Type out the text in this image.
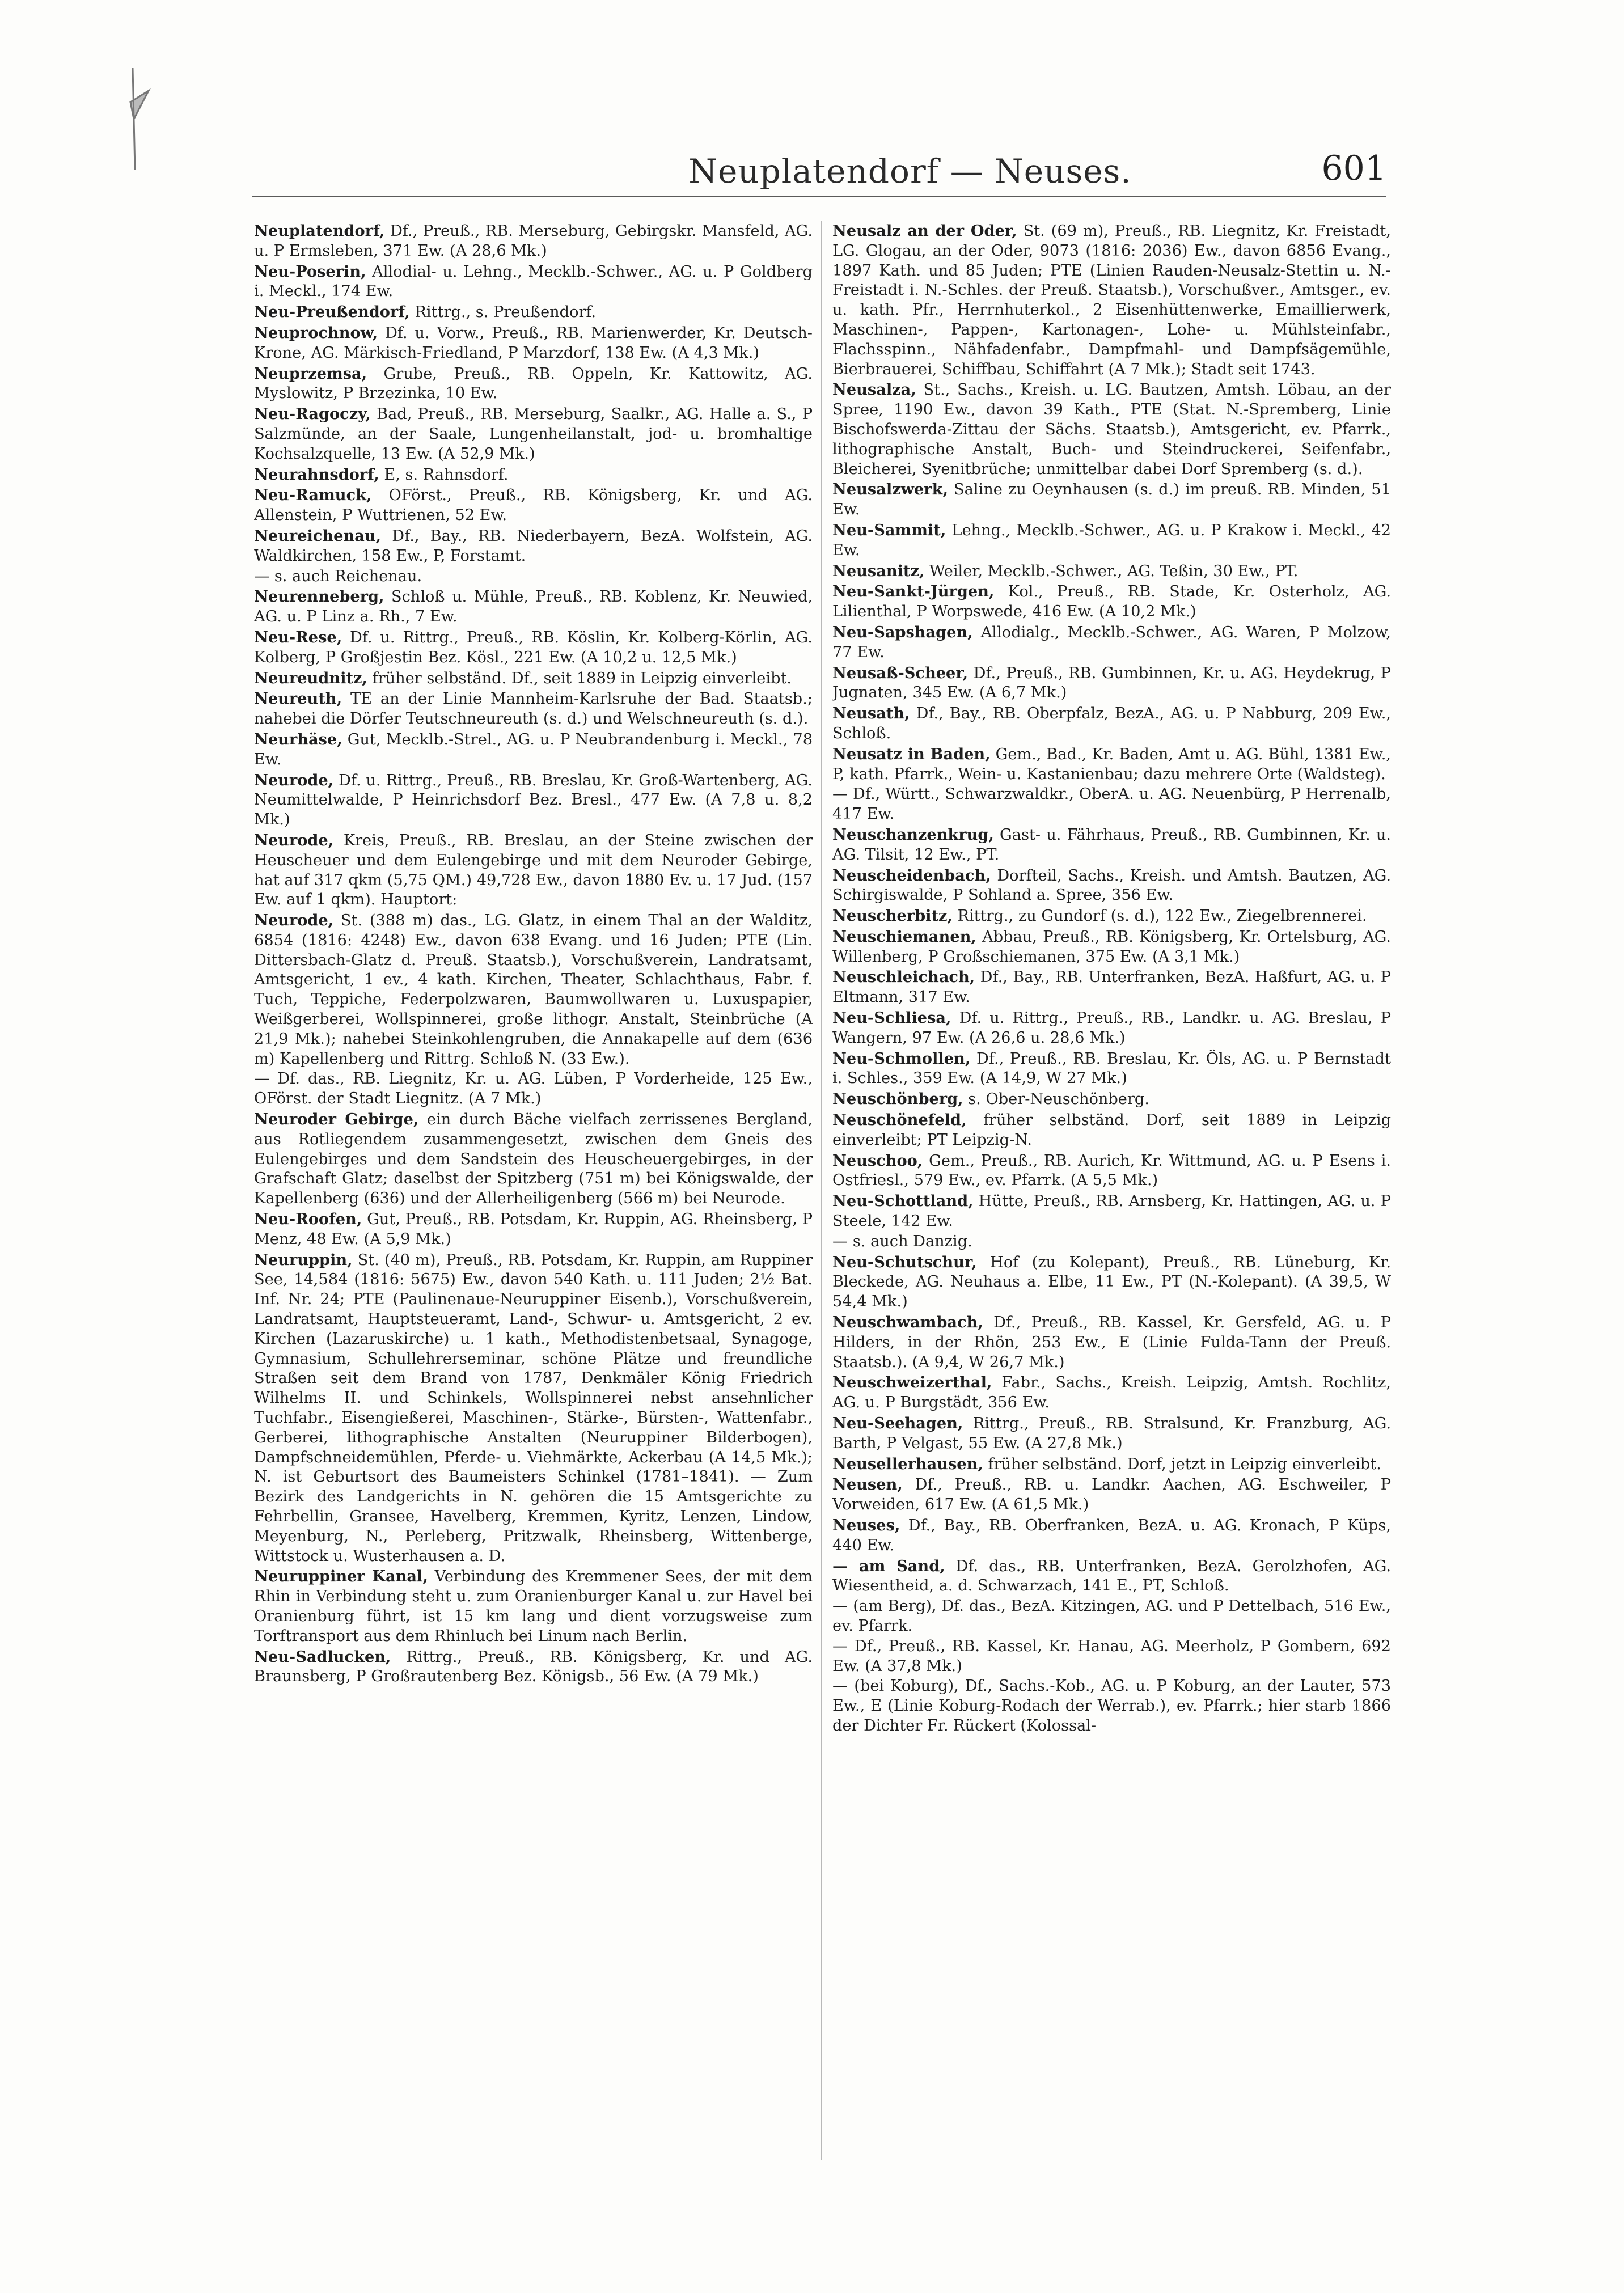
Neuplatendorf — Neuses.	601

Neuplatendorf, Df., Preuß., RB. Merseburg, Gebirgskr. Mansfeld, AG. u. P Ermsleben, 371 Ew. (A 28,6 Mk.)

Neu-Poserin, Allodial- u. Lehng., Mecklb.-Schwer., AG. u. P Goldberg i. Meckl., 174 Ew.

Neu-Preußendorf, Rittrg., s. Preußendorf.

Neuprochnow, Df. u. Vorw., Preuß., RB. Marienwerder, Kr. Deutsch-Krone, AG. Märkisch-Friedland, P Marzdorf, 138 Ew. (A 4,3 Mk.)

Neuprzemsa, Grube, Preuß., RB. Oppeln, Kr. Kattowitz, AG. Myslowitz, P Brzezinka, 10 Ew.

Neu-Ragoczy, Bad, Preuß., RB. Merseburg, Saalkr., AG. Halle a. S., P Salzmünde, an der Saale, Lungenheilanstalt, jod- u. bromhaltige Kochsalzquelle, 13 Ew. (A 52,9 Mk.)

Neurahnsdorf, E, s. Rahnsdorf.

Neu-Ramuck, OFörst., Preuß., RB. Königsberg, Kr. und AG. Allenstein, P Wuttrienen, 52 Ew.

Neureichenau, Df., Bay., RB. Niederbayern, BezA. Wolfstein, AG. Waldkirchen, 158 Ew., P, Forstamt.

— s. auch Reichenau.

Neurenneberg, Schloß u. Mühle, Preuß., RB. Koblenz, Kr. Neuwied, AG. u. P Linz a. Rh., 7 Ew.

Neu-Rese, Df. u. Rittrg., Preuß., RB. Köslin, Kr. Kolberg-Körlin, AG. Kolberg, P Großjestin Bez. Kösl., 221 Ew. (A 10,2 u. 12,5 Mk.)

Neureudnitz, früher selbständ. Df., seit 1889 in Leipzig einverleibt.

Neureuth, TE an der Linie Mannheim-Karlsruhe der Bad. Staatsb.; nahebei die Dörfer Teutschneureuth (s. d.) und Welschneureuth (s. d.).

Neurhäse, Gut, Mecklb.-Strel., AG. u. P Neubrandenburg i. Meckl., 78 Ew.

Neurode, Df. u. Rittrg., Preuß., RB. Breslau, Kr. Groß-Wartenberg, AG. Neumittelwalde, P Heinrichsdorf Bez. Bresl., 477 Ew. (A 7,8 u. 8,2 Mk.)

Neurode, Kreis, Preuß., RB. Breslau, an der Steine zwischen der Heuscheuer und dem Eulengebirge und mit dem Neuroder Gebirge, hat auf 317 qkm (5,75 QM.) 49,728 Ew., davon 1880 Ev. u. 17 Jud. (157 Ew. auf 1 qkm). Hauptort:

Neurode, St. (388 m) das., LG. Glatz, in einem Thal an der Walditz, 6854 (1816: 4248) Ew., davon 638 Evang. und 16 Juden; PTE (Lin. Dittersbach-Glatz d. Preuß. Staatsb.), Vorschußverein, Landratsamt, Amtsgericht, 1 ev., 4 kath. Kirchen, Theater, Schlachthaus, Fabr. f. Tuch, Teppiche, Federpolzwaren, Baumwollwaren u. Luxuspapier, Weißgerberei, Wollspinnerei, große lithogr. Anstalt, Steinbrüche (A 21,9 Mk.); nahebei Steinkohlengruben, die Annakapelle auf dem (636 m) Kapellenberg und Rittrg. Schloß N. (33 Ew.).

— Df. das., RB. Liegnitz, Kr. u. AG. Lüben, P Vorderheide, 125 Ew., OFörst. der Stadt Liegnitz. (A 7 Mk.)

Neuroder Gebirge, ein durch Bäche vielfach zerrissenes Bergland, aus Rotliegendem zusammengesetzt, zwischen dem Gneis des Eulengebirges und dem Sandstein des Heuscheuergebirges, in der Grafschaft Glatz; daselbst der Spitzberg (751 m) bei Königswalde, der Kapellenberg (636) und der Allerheiligenberg (566 m) bei Neurode.

Neu-Roofen, Gut, Preuß., RB. Potsdam, Kr. Ruppin, AG. Rheinsberg, P Menz, 48 Ew. (A 5,9 Mk.)

Neuruppin, St. (40 m), Preuß., RB. Potsdam, Kr. Ruppin, am Ruppiner See, 14,584 (1816: 5675) Ew., davon 540 Kath. u. 111 Juden; 2½ Bat. Inf. Nr. 24; PTE (Paulinenaue-Neuruppiner Eisenb.), Vorschußverein, Landratsamt, Hauptsteueramt, Land-, Schwur- u. Amtsgericht, 2 ev. Kirchen (Lazaruskirche) u. 1 kath., Methodistenbetsaal, Synagoge, Gymnasium, Schullehrerseminar, schöne Plätze und freundliche Straßen seit dem Brand von 1787, Denkmäler König Friedrich Wilhelms II. und Schinkels, Wollspinnerei nebst ansehnlicher Tuchfabr., Eisengießerei, Maschinen-, Stärke-, Bürsten-, Wattenfabr., Gerberei, lithographische Anstalten (Neuruppiner Bilderbogen), Dampfschneidemühlen, Pferde- u. Viehmärkte, Ackerbau (A 14,5 Mk.); N. ist Geburtsort des Baumeisters Schinkel (1781–1841). — Zum Bezirk des Landgerichts in N. gehören die 15 Amtsgerichte zu Fehrbellin, Gransee, Havelberg, Kremmen, Kyritz, Lenzen, Lindow, Meyenburg, N., Perleberg, Pritzwalk, Rheinsberg, Wittenberge, Wittstock u. Wusterhausen a. D.

Neuruppiner Kanal, Verbindung des Kremmener Sees, der mit dem Rhin in Verbindung steht u. zum Oranienburger Kanal u. zur Havel bei Oranienburg führt, ist 15 km lang und dient vorzugsweise zum Torftransport aus dem Rhinluch bei Linum nach Berlin.

Neu-Sadlucken, Rittrg., Preuß., RB. Königsberg, Kr. und AG. Braunsberg, P Großrautenberg Bez. Königsb., 56 Ew. (A 79 Mk.)

Neusalz an der Oder, St. (69 m), Preuß., RB. Liegnitz, Kr. Freistadt, LG. Glogau, an der Oder, 9073 (1816: 2036) Ew., davon 6856 Evang., 1897 Kath. und 85 Juden; PTE (Linien Rauden-Neusalz-Stettin u. N.-Freistadt i. N.-Schles. der Preuß. Staatsb.), Vorschußver., Amtsger., ev. u. kath. Pfr., Herrnhuterkol., 2 Eisenhüttenwerke, Emaillierwerk, Maschinen-, Pappen-, Kartonagen-, Lohe- u. Mühlsteinfabr., Flachsspinn., Nähfadenfabr., Dampfmahl- und Dampfsägemühle, Bierbrauerei, Schiffbau, Schiffahrt (A 7 Mk.); Stadt seit 1743.

Neusalza, St., Sachs., Kreish. u. LG. Bautzen, Amtsh. Löbau, an der Spree, 1190 Ew., davon 39 Kath., PTE (Stat. N.-Spremberg, Linie Bischofswerda-Zittau der Sächs. Staatsb.), Amtsgericht, ev. Pfarrk., lithographische Anstalt, Buch- und Steindruckerei, Seifenfabr., Bleicherei, Syenitbrüche; unmittelbar dabei Dorf Spremberg (s. d.).

Neusalzwerk, Saline zu Oeynhausen (s. d.) im preuß. RB. Minden, 51 Ew.

Neu-Sammit, Lehng., Mecklb.-Schwer., AG. u. P Krakow i. Meckl., 42 Ew.

Neusanitz, Weiler, Mecklb.-Schwer., AG. Teßin, 30 Ew., PT.

Neu-Sankt-Jürgen, Kol., Preuß., RB. Stade, Kr. Osterholz, AG. Lilienthal, P Worpswede, 416 Ew. (A 10,2 Mk.)

Neu-Sapshagen, Allodialg., Mecklb.-Schwer., AG. Waren, P Molzow, 77 Ew.

Neusaß-Scheer, Df., Preuß., RB. Gumbinnen, Kr. u. AG. Heydekrug, P Jugnaten, 345 Ew. (A 6,7 Mk.)

Neusath, Df., Bay., RB. Oberpfalz, BezA., AG. u. P Nabburg, 209 Ew., Schloß.

Neusatz in Baden, Gem., Bad., Kr. Baden, Amt u. AG. Bühl, 1381 Ew., P, kath. Pfarrk., Wein- u. Kastanienbau; dazu mehrere Orte (Waldsteg).

— Df., Württ., Schwarzwaldkr., OberA. u. AG. Neuenbürg, P Herrenalb, 417 Ew.

Neuschanzenkrug, Gast- u. Fährhaus, Preuß., RB. Gumbinnen, Kr. u. AG. Tilsit, 12 Ew., PT.

Neuscheidenbach, Dorfteil, Sachs., Kreish. und Amtsh. Bautzen, AG. Schirgiswalde, P Sohland a. Spree, 356 Ew.

Neuscherbitz, Rittrg., zu Gundorf (s. d.), 122 Ew., Ziegelbrennerei.

Neuschiemanen, Abbau, Preuß., RB. Königsberg, Kr. Ortelsburg, AG. Willenberg, P Großschiemanen, 375 Ew. (A 3,1 Mk.)

Neuschleichach, Df., Bay., RB. Unterfranken, BezA. Haßfurt, AG. u. P Eltmann, 317 Ew.

Neu-Schliesa, Df. u. Rittrg., Preuß., RB., Landkr. u. AG. Breslau, P Wangern, 97 Ew. (A 26,6 u. 28,6 Mk.)

Neu-Schmollen, Df., Preuß., RB. Breslau, Kr. Öls, AG. u. P Bernstadt i. Schles., 359 Ew. (A 14,9, W 27 Mk.)

Neuschönberg, s. Ober-Neuschönberg.

Neuschönefeld, früher selbständ. Dorf, seit 1889 in Leipzig einverleibt; PT Leipzig-N.

Neuschoo, Gem., Preuß., RB. Aurich, Kr. Wittmund, AG. u. P Esens i. Ostfriesl., 579 Ew., ev. Pfarrk. (A 5,5 Mk.)

Neu-Schottland, Hütte, Preuß., RB. Arnsberg, Kr. Hattingen, AG. u. P Steele, 142 Ew.

— s. auch Danzig.

Neu-Schutschur, Hof (zu Kolepant), Preuß., RB. Lüneburg, Kr. Bleckede, AG. Neuhaus a. Elbe, 11 Ew., PT (N.-Kolepant). (A 39,5, W 54,4 Mk.)

Neuschwambach, Df., Preuß., RB. Kassel, Kr. Gersfeld, AG. u. P Hilders, in der Rhön, 253 Ew., E (Linie Fulda-Tann der Preuß. Staatsb.). (A 9,4, W 26,7 Mk.)

Neuschweizerthal, Fabr., Sachs., Kreish. Leipzig, Amtsh. Rochlitz, AG. u. P Burgstädt, 356 Ew.

Neu-Seehagen, Rittrg., Preuß., RB. Stralsund, Kr. Franzburg, AG. Barth, P Velgast, 55 Ew. (A 27,8 Mk.)

Neusellerhausen, früher selbständ. Dorf, jetzt in Leipzig einverleibt.

Neusen, Df., Preuß., RB. u. Landkr. Aachen, AG. Eschweiler, P Vorweiden, 617 Ew. (A 61,5 Mk.)

Neuses, Df., Bay., RB. Oberfranken, BezA. u. AG. Kronach, P Küps, 440 Ew.

— am Sand, Df. das., RB. Unterfranken, BezA. Gerolzhofen, AG. Wiesentheid, a. d. Schwarzach, 141 E., PT, Schloß.

— (am Berg), Df. das., BezA. Kitzingen, AG. und P Dettelbach, 516 Ew., ev. Pfarrk.

— Df., Preuß., RB. Kassel, Kr. Hanau, AG. Meerholz, P Gombern, 692 Ew. (A 37,8 Mk.)

— (bei Koburg), Df., Sachs.-Kob., AG. u. P Koburg, an der Lauter, 573 Ew., E (Linie Koburg-Rodach der Werrab.), ev. Pfarrk.; hier starb 1866 der Dichter Fr. Rückert (Kolossal-
